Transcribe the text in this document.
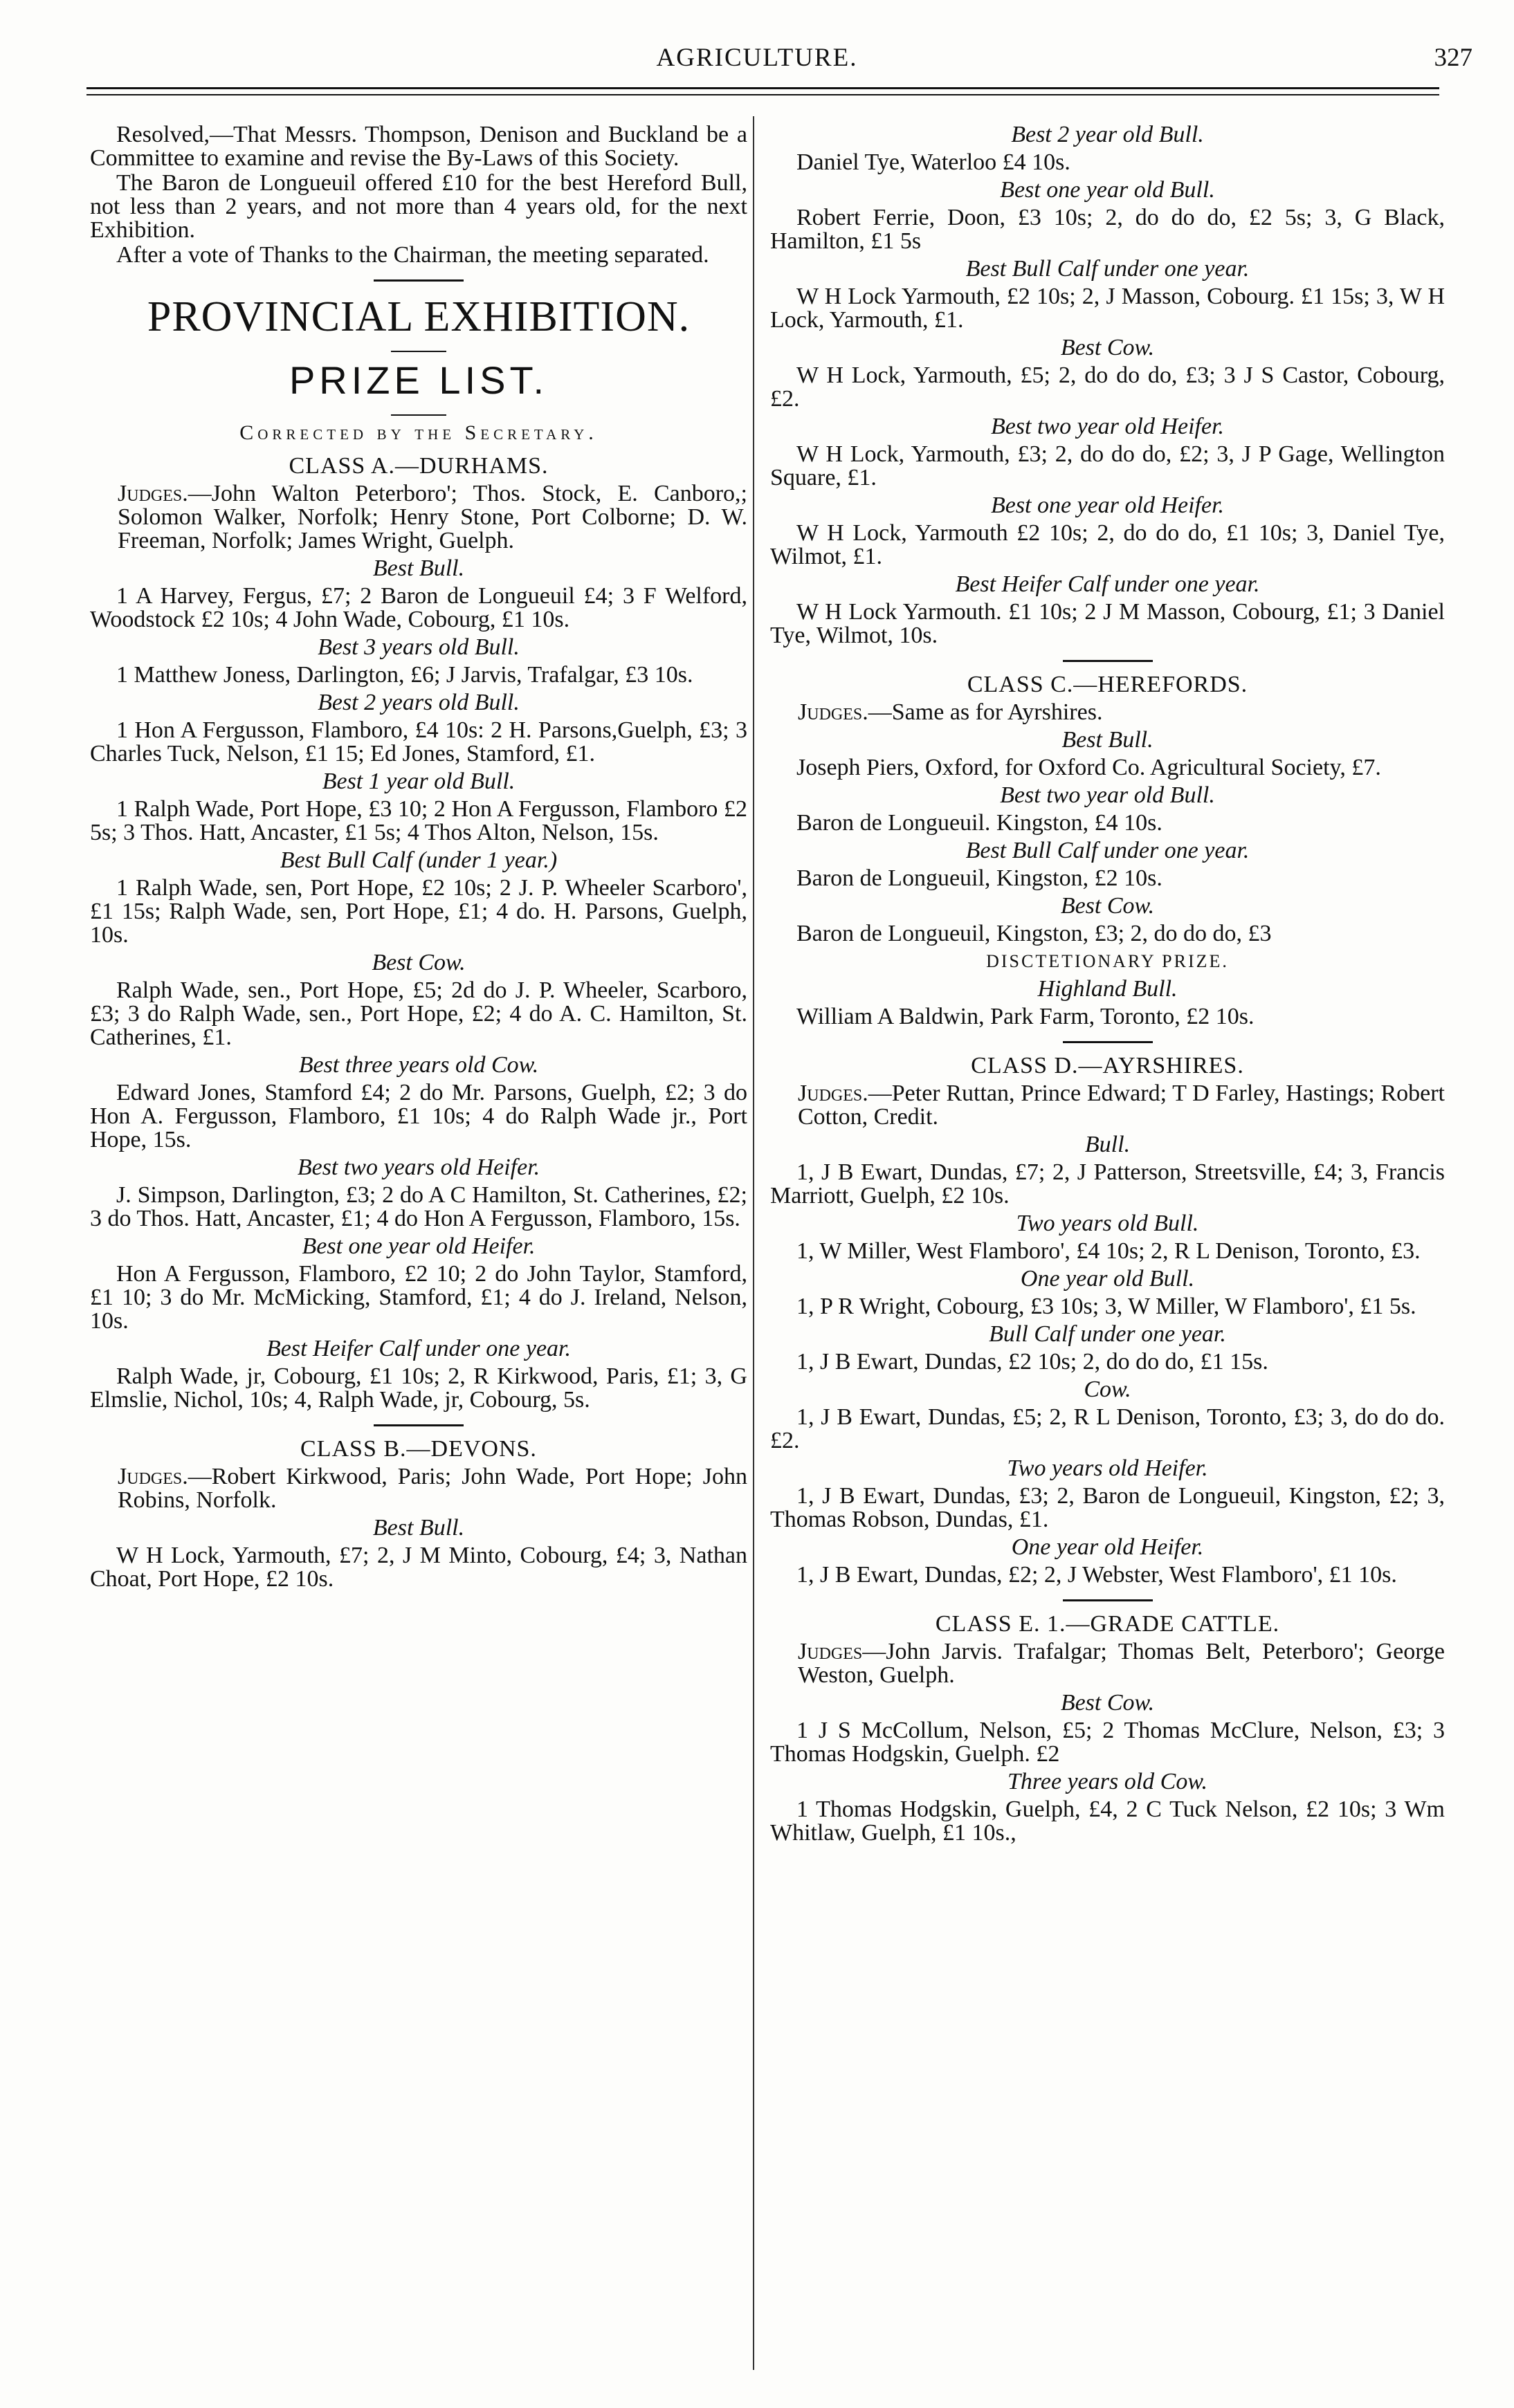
AGRICULTURE.	327

Resolved,—That Messrs. Thompson, Denison and Buckland be a Committee to examine and revise the By-Laws of this Society.

The Baron de Longueuil offered £10 for the best Hereford Bull, not less than 2 years, and not more than 4 years old, for the next Exhibition.

After a vote of Thanks to the Chairman, the meeting separated.

PROVINCIAL EXHIBITION.
PRIZE LIST.
Corrected by the Secretary.
CLASS A.—DURHAMS.

Judges.—John Walton Peterboro'; Thos. Stock, E. Canboro,; Solomon Walker, Norfolk; Henry Stone, Port Colborne; D. W. Freeman, Norfolk; James Wright, Guelph.

Best Bull.

1 A Harvey, Fergus, £7; 2 Baron de Longueuil £4; 3 F Welford, Woodstock £2 10s; 4 John Wade, Cobourg, £1 10s.

Best 3 years old Bull.

1 Matthew Joness, Darlington, £6; J Jarvis, Trafalgar, £3 10s.

Best 2 years old Bull.

1 Hon A Fergusson, Flamboro, £4 10s: 2 H. Parsons,Guelph, £3; 3 Charles Tuck, Nelson, £1 15; Ed Jones, Stamford, £1.

Best 1 year old Bull.

1 Ralph Wade, Port Hope, £3 10; 2 Hon A Fergusson, Flamboro £2 5s; 3 Thos. Hatt, Ancaster, £1 5s; 4 Thos Alton, Nelson, 15s.

Best Bull Calf (under 1 year.)

1 Ralph Wade, sen, Port Hope, £2 10s; 2 J. P. Wheeler Scarboro', £1 15s; Ralph Wade, sen, Port Hope, £1; 4 do. H. Parsons, Guelph, 10s.

Best Cow.

Ralph Wade, sen., Port Hope, £5; 2d do J. P. Wheeler, Scarboro, £3; 3 do Ralph Wade, sen., Port Hope, £2; 4 do A. C. Hamilton, St. Catherines, £1.

Best three years old Cow.

Edward Jones, Stamford £4; 2 do Mr. Parsons, Guelph, £2; 3 do Hon A. Fergusson, Flamboro, £1 10s; 4 do Ralph Wade jr., Port Hope, 15s.

Best two years old Heifer.

J. Simpson, Darlington, £3; 2 do A C Hamilton, St. Catherines, £2; 3 do Thos. Hatt, Ancaster, £1; 4 do Hon A Fergusson, Flamboro, 15s.

Best one year old Heifer.

Hon A Fergusson, Flamboro, £2 10; 2 do John Taylor, Stamford, £1 10; 3 do Mr. McMicking, Stamford, £1; 4 do J. Ireland, Nelson, 10s.

Best Heifer Calf under one year.

Ralph Wade, jr, Cobourg, £1 10s; 2, R Kirkwood, Paris, £1; 3, G Elmslie, Nichol, 10s; 4, Ralph Wade, jr, Cobourg, 5s.

CLASS B.—DEVONS.

Judges.—Robert Kirkwood, Paris; John Wade, Port Hope; John Robins, Norfolk.

Best Bull.

W H Lock, Yarmouth, £7; 2, J M Minto, Cobourg, £4; 3, Nathan Choat, Port Hope, £2 10s.

Best 2 year old Bull.

Daniel Tye, Waterloo £4 10s.

Best one year old Bull.

Robert Ferrie, Doon, £3 10s; 2, do do do, £2 5s; 3, G Black, Hamilton, £1 5s

Best Bull Calf under one year.

W H Lock Yarmouth, £2 10s; 2, J Masson, Cobourg. £1 15s; 3, W H Lock, Yarmouth, £1.

Best Cow.

W H Lock, Yarmouth, £5; 2, do do do, £3; 3 J S Castor, Cobourg, £2.

Best two year old Heifer.

W H Lock, Yarmouth, £3; 2, do do do, £2; 3, J P Gage, Wellington Square, £1.

Best one year old Heifer.

W H Lock, Yarmouth £2 10s; 2, do do do, £1 10s; 3, Daniel Tye, Wilmot, £1.

Best Heifer Calf under one year.

W H Lock Yarmouth. £1 10s; 2 J M Masson, Cobourg, £1; 3 Daniel Tye, Wilmot, 10s.

CLASS C.—HEREFORDS.

Judges.—Same as for Ayrshires.

Best Bull.

Joseph Piers, Oxford, for Oxford Co. Agricultural Society, £7.

Best two year old Bull.

Baron de Longueuil. Kingston, £4 10s.

Best Bull Calf under one year.

Baron de Longueuil, Kingston, £2 10s.

Best Cow.

Baron de Longueuil, Kingston, £3; 2, do do do, £3

DISCTETIONARY PRIZE.
Highland Bull.

William A Baldwin, Park Farm, Toronto, £2 10s.

CLASS D.—AYRSHIRES.

Judges.—Peter Ruttan, Prince Edward; T D Farley, Hastings; Robert Cotton, Credit.

Bull.

1, J B Ewart, Dundas, £7; 2, J Patterson, Streetsville, £4; 3, Francis Marriott, Guelph, £2 10s.

Two years old Bull.

1, W Miller, West Flamboro', £4 10s; 2, R L Denison, Toronto, £3.

One year old Bull.

1, P R Wright, Cobourg, £3 10s; 3, W Miller, W Flamboro', £1 5s.

Bull Calf under one year.

1, J B Ewart, Dundas, £2 10s; 2, do do do, £1 15s.

Cow.

1, J B Ewart, Dundas, £5; 2, R L Denison, Toronto, £3; 3, do do do. £2.

Two years old Heifer.

1, J B Ewart, Dundas, £3; 2, Baron de Longueuil, Kingston, £2; 3, Thomas Robson, Dundas, £1.

One year old Heifer.

1, J B Ewart, Dundas, £2; 2, J Webster, West Flamboro', £1 10s.

CLASS E. 1.—GRADE CATTLE.

Judges—John Jarvis. Trafalgar; Thomas Belt, Peterboro'; George Weston, Guelph.

Best Cow.

1 J S McCollum, Nelson, £5; 2 Thomas McClure, Nelson, £3; 3 Thomas Hodgskin, Guelph. £2

Three years old Cow.

1 Thomas Hodgskin, Guelph, £4, 2 C Tuck Nelson, £2 10s; 3 Wm Whitlaw, Guelph, £1 10s.,
